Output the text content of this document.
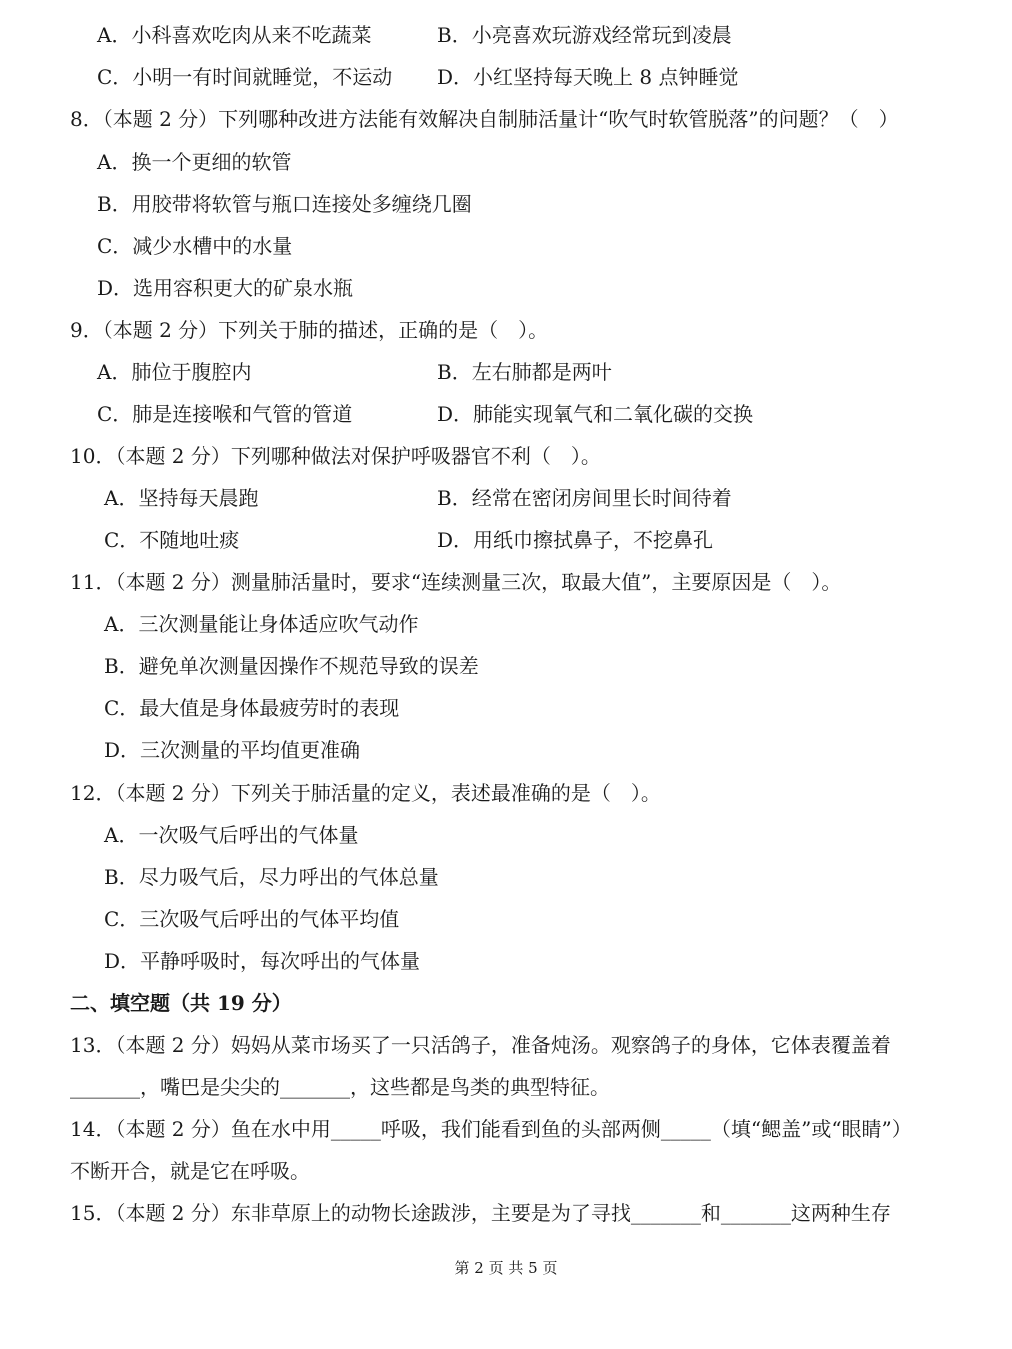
A．小科喜欢吃肉从来不吃蔬菜	B．小亮喜欢玩游戏经常玩到凌晨
C．小明一有时间就睡觉，不运动 D．小红坚持每天晚上 8 点钟睡觉
8．（本题 2 分）下列哪种改进方法能有效解决自制肺活量计“吹气时软管脱落”的问题？（　）
A．换一个更细的软管
B．用胶带将软管与瓶口连接处多缠绕几圈
C．减少水槽中的水量
D．选用容积更大的矿泉水瓶
9．（本题 2 分）下列关于肺的描述，正确的是（　）。
A．肺位于腹腔内	B．左右肺都是两叶
C．肺是连接喉和气管的管道	D．肺能实现氧气和二氧化碳的交换
10．（本题 2 分）下列哪种做法对保护呼吸器官不利（　）。
A．坚持每天晨跑	B．经常在密闭房间里长时间待着
C．不随地吐痰	D．用纸巾擦拭鼻子，不挖鼻孔
11．（本题 2 分）测量肺活量时，要求“连续测量三次，取最大值”，主要原因是（　）。
A．三次测量能让身体适应吹气动作
B．避免单次测量因操作不规范导致的误差
C．最大值是身体最疲劳时的表现
D．三次测量的平均值更准确
12．（本题 2 分）下列关于肺活量的定义，表述最准确的是（　）。
A．一次吸气后呼出的气体量
B．尽力吸气后，尽力呼出的气体总量
C．三次吸气后呼出的气体平均值
D．平静呼吸时，每次呼出的气体量
二、填空题（共 19 分）
13．（本题 2 分）妈妈从菜市场买了一只活鸽子，准备炖汤。观察鸽子的身体，它体表覆盖着
_______，嘴巴是尖尖的_______，这些都是鸟类的典型特征。
14．（本题 2 分）鱼在水中用_____呼吸，我们能看到鱼的头部两侧_____（填“鳃盖”或“眼睛”）
不断开合，就是它在呼吸。
15．（本题 2 分）东非草原上的动物长途跋涉，主要是为了寻找_______和_______这两种生存
第 2 页 共 5 页
